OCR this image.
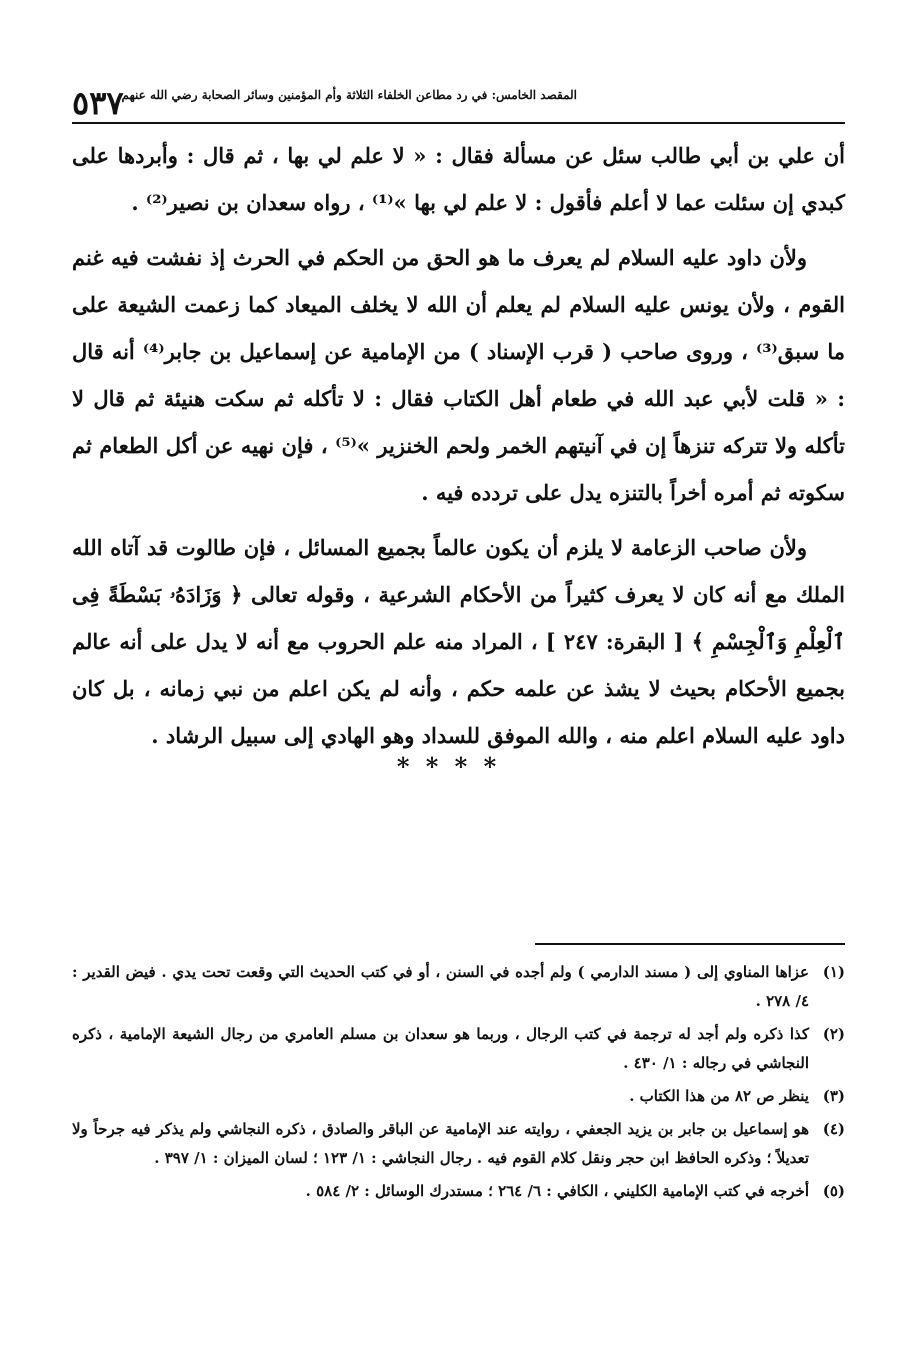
٥٣٧
المقصد الخامس: في رد مطاعن الخلفاء الثلاثة وأم المؤمنين وسائر الصحابة رضي الله عنهم

أن علي بن أبي طالب سئل عن مسألة فقال : « لا علم لي بها ، ثم قال : وأبردها على كبدي إن سئلت عما لا أعلم فأقول : لا علم لي بها »⁽¹⁾ ، رواه سعدان بن نصير⁽²⁾ .

ولأن داود عليه السلام لم يعرف ما هو الحق من الحكم في الحرث إذ نفشت فيه غنم القوم ، ولأن يونس عليه السلام لم يعلم أن الله لا يخلف الميعاد كما زعمت الشيعة على ما سبق⁽³⁾ ، وروى صاحب ( قرب الإسناد ) من الإمامية عن إسماعيل بن جابر⁽⁴⁾ أنه قال : « قلت لأبي عبد الله في طعام أهل الكتاب فقال : لا تأكله ثم سكت هنيئة ثم قال لا تأكله ولا تتركه تنزهاً إن في آنيتهم الخمر ولحم الخنزير »⁽⁵⁾ ، فإن نهيه عن أكل الطعام ثم سكوته ثم أمره أخراً بالتنزه يدل على تردده فيه .

ولأن صاحب الزعامة لا يلزم أن يكون عالماً بجميع المسائل ، فإن طالوت قد آتاه الله الملك مع أنه كان لا يعرف كثيراً من الأحكام الشرعية ، وقوله تعالى ﴿ وَزَادَهُۥ بَسْطَةً فِى ٱلْعِلْمِ وَٱلْجِسْمِ ﴾ [ البقرة: ٢٤٧ ] ، المراد منه علم الحروب مع أنه لا يدل على أنه عالم بجميع الأحكام بحيث لا يشذ عن علمه حكم ، وأنه لم يكن اعلم من نبي زمانه ، بل كان داود عليه السلام اعلم منه ، والله الموفق للسداد وهو الهادي إلى سبيل الرشاد .

* * * *
(١)
عزاها المناوي إلى ( مسند الدارمي ) ولم أجده في السنن ، أو في كتب الحديث التي وقعت تحت يدي . فيض القدير : ٤/ ٢٧٨ .
(٢)
كذا ذكره ولم أجد له ترجمة في كتب الرجال ، وربما هو سعدان بن مسلم العامري من رجال الشيعة الإمامية ، ذكره النجاشي في رجاله : ١/ ٤٣٠ .
(٣)
ينظر ص ٨٢ من هذا الكتاب .
(٤)
هو إسماعيل بن جابر بن يزيد الجعفي ، روايته عند الإمامية عن الباقر والصادق ، ذكره النجاشي ولم يذكر فيه جرحاً ولا تعديلاً ؛ وذكره الحافظ ابن حجر ونقل كلام القوم فيه . رجال النجاشي : ١/ ١٢٣ ؛ لسان الميزان : ١/ ٣٩٧ .
(٥)
أخرجه في كتب الإمامية الكليني ، الكافي : ٦/ ٢٦٤ ؛ مستدرك الوسائل : ٢/ ٥٨٤ .
